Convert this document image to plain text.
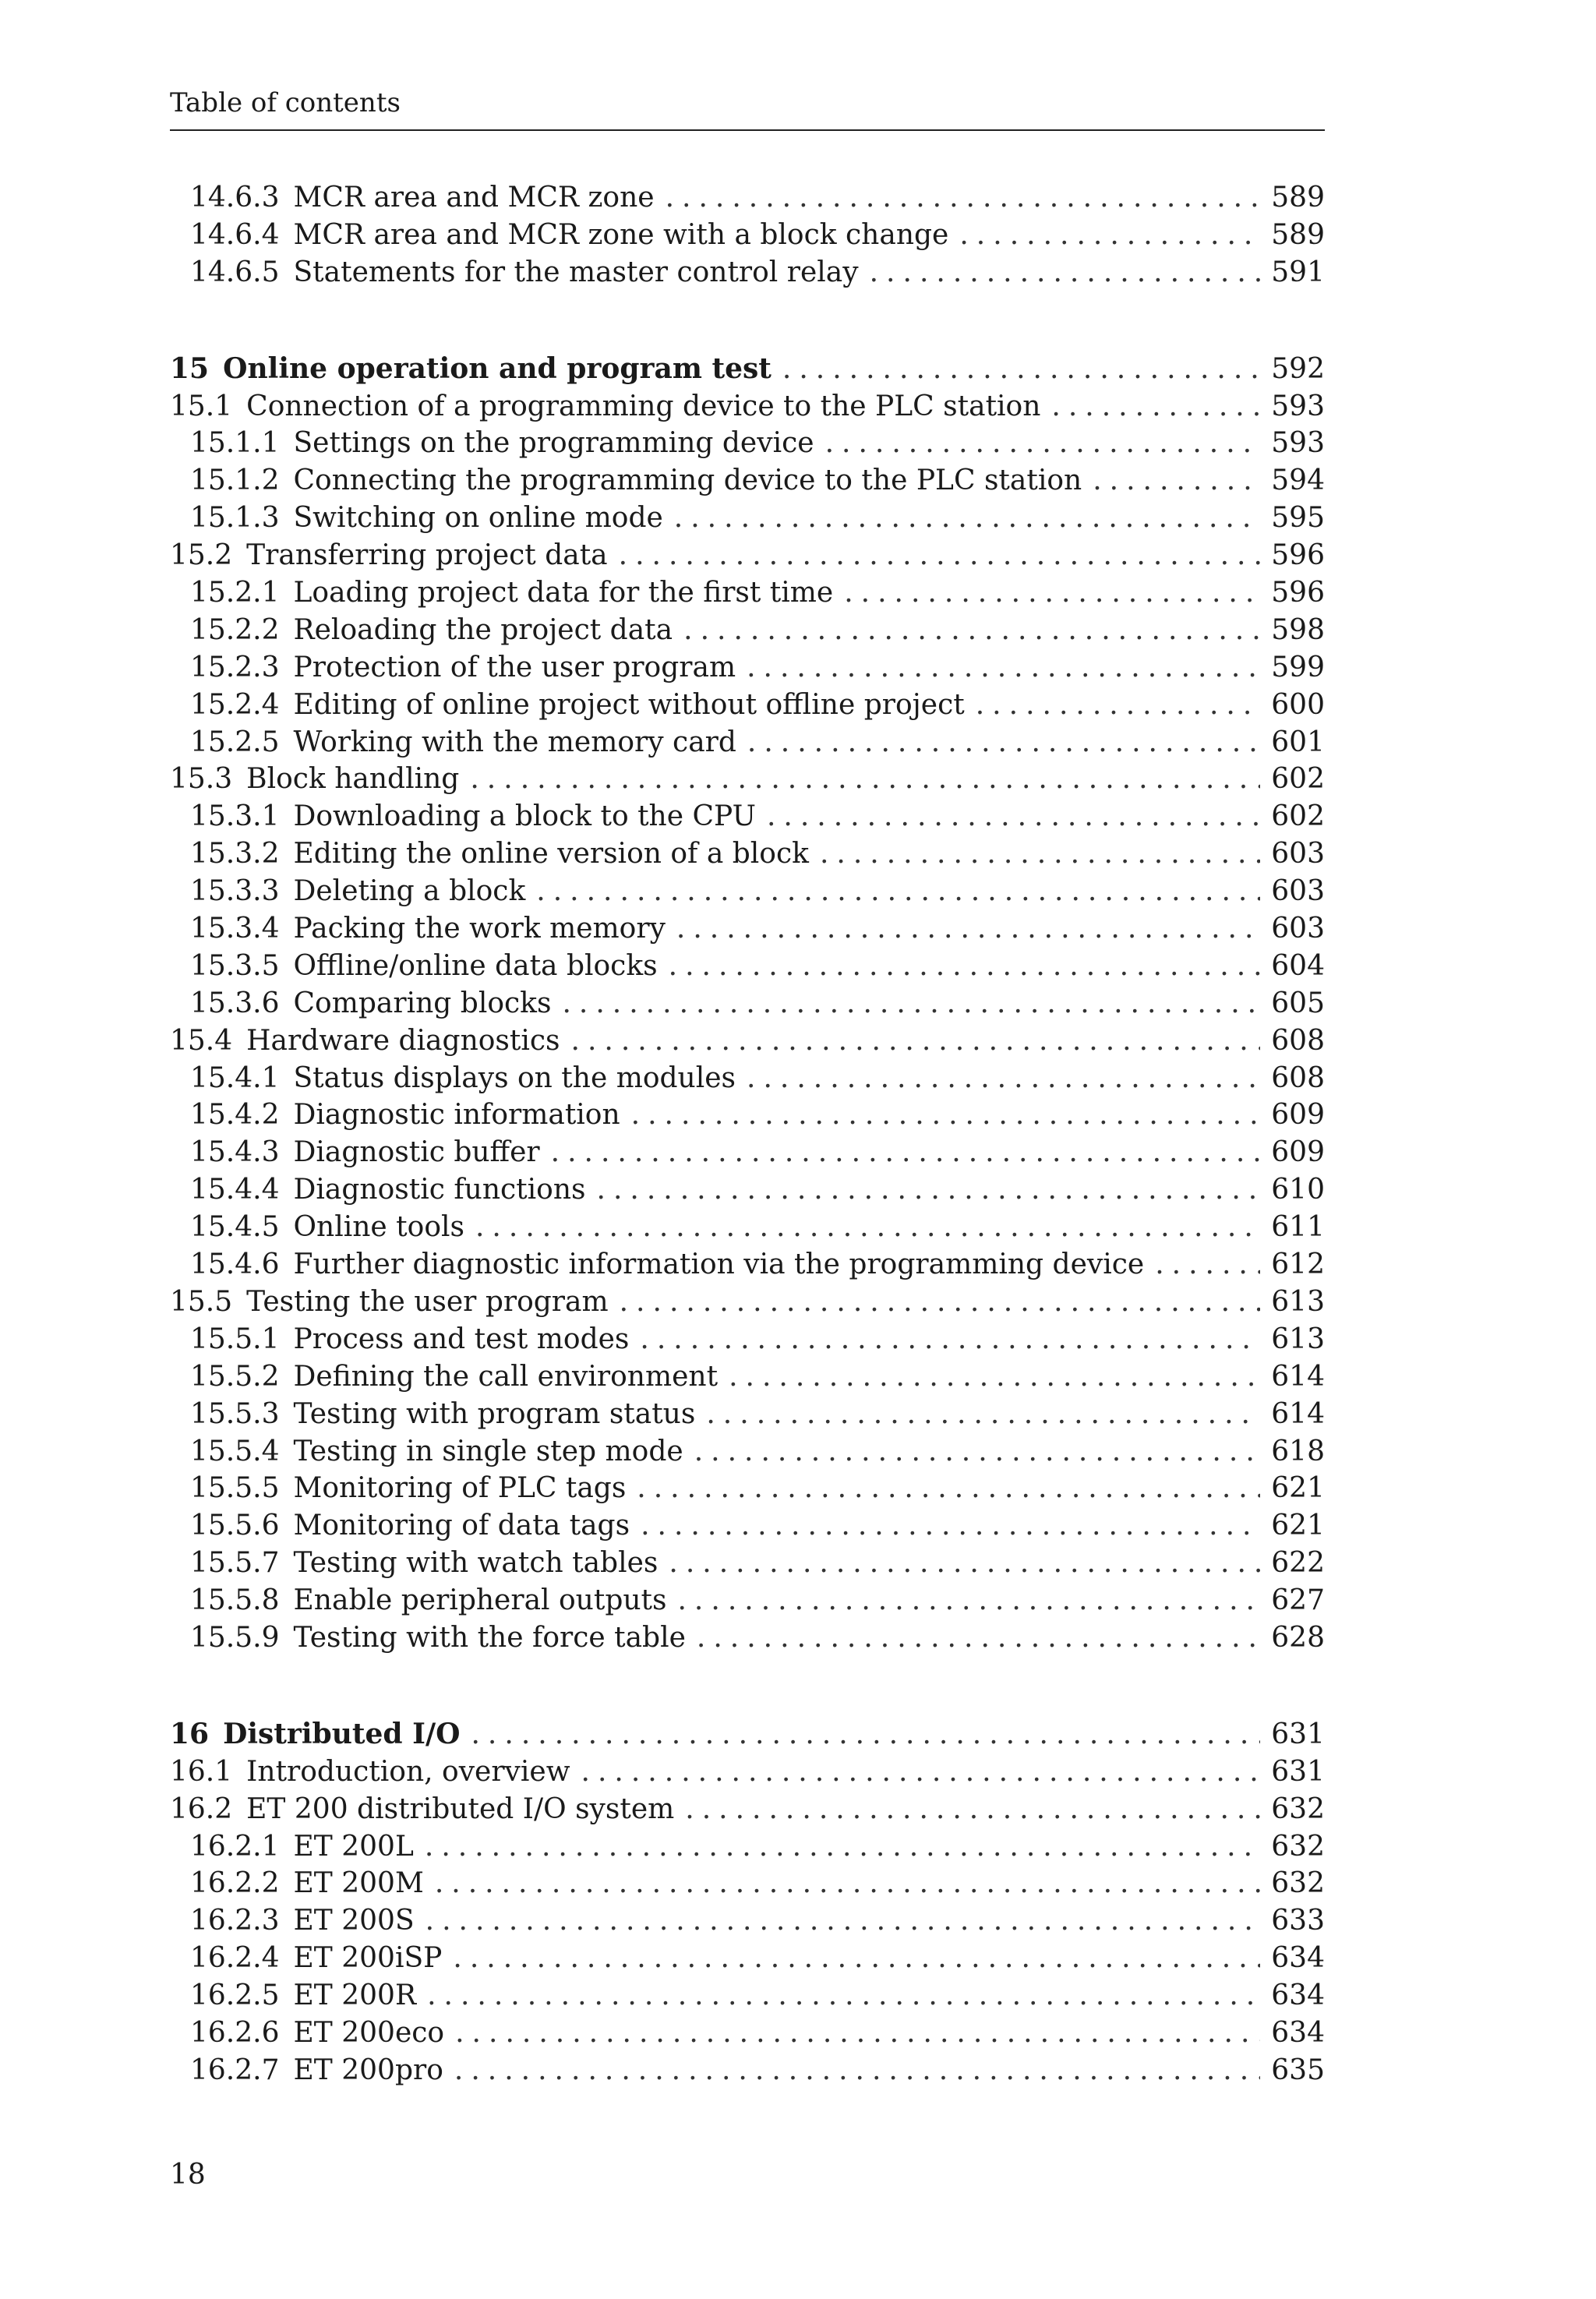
Table of contents
14.6.3 MCR area and MCR zone .....	589
14.6.4 MCR area and MCR zone with a block change .....	589
14.6.5 Statements for the master control relay .....	591
15 Online operation and program test .....	592
15.1 Connection of a programming device to the PLC station .....	593
15.1.1 Settings on the programming device .....	593
15.1.2 Connecting the programming device to the PLC station .....	594
15.1.3 Switching on online mode .....	595
15.2 Transferring project data .....	596
15.2.1 Loading project data for the first time .....	596
15.2.2 Reloading the project data .....	598
15.2.3 Protection of the user program .....	599
15.2.4 Editing of online project without offline project .....	600
15.2.5 Working with the memory card .....	601
15.3 Block handling .....	602
15.3.1 Downloading a block to the CPU .....	602
15.3.2 Editing the online version of a block .....	603
15.3.3 Deleting a block .....	603
15.3.4 Packing the work memory .....	603
15.3.5 Offline/online data blocks .....	604
15.3.6 Comparing blocks .....	605
15.4 Hardware diagnostics .....	608
15.4.1 Status displays on the modules .....	608
15.4.2 Diagnostic information .....	609
15.4.3 Diagnostic buffer .....	609
15.4.4 Diagnostic functions .....	610
15.4.5 Online tools .....	611
15.4.6 Further diagnostic information via the programming device .....	612
15.5 Testing the user program .....	613
15.5.1 Process and test modes .....	613
15.5.2 Defining the call environment .....	614
15.5.3 Testing with program status .....	614
15.5.4 Testing in single step mode .....	618
15.5.5 Monitoring of PLC tags .....	621
15.5.6 Monitoring of data tags .....	621
15.5.7 Testing with watch tables .....	622
15.5.8 Enable peripheral outputs .....	627
15.5.9 Testing with the force table .....	628
16 Distributed I/O .....	631
16.1 Introduction, overview .....	631
16.2 ET 200 distributed I/O system .....	632
16.2.1 ET 200L .....	632
16.2.2 ET 200M .....	632
16.2.3 ET 200S .....	633
16.2.4 ET 200iSP .....	634
16.2.5 ET 200R .....	634
16.2.6 ET 200eco .....	634
16.2.7 ET 200pro .....	635
18
